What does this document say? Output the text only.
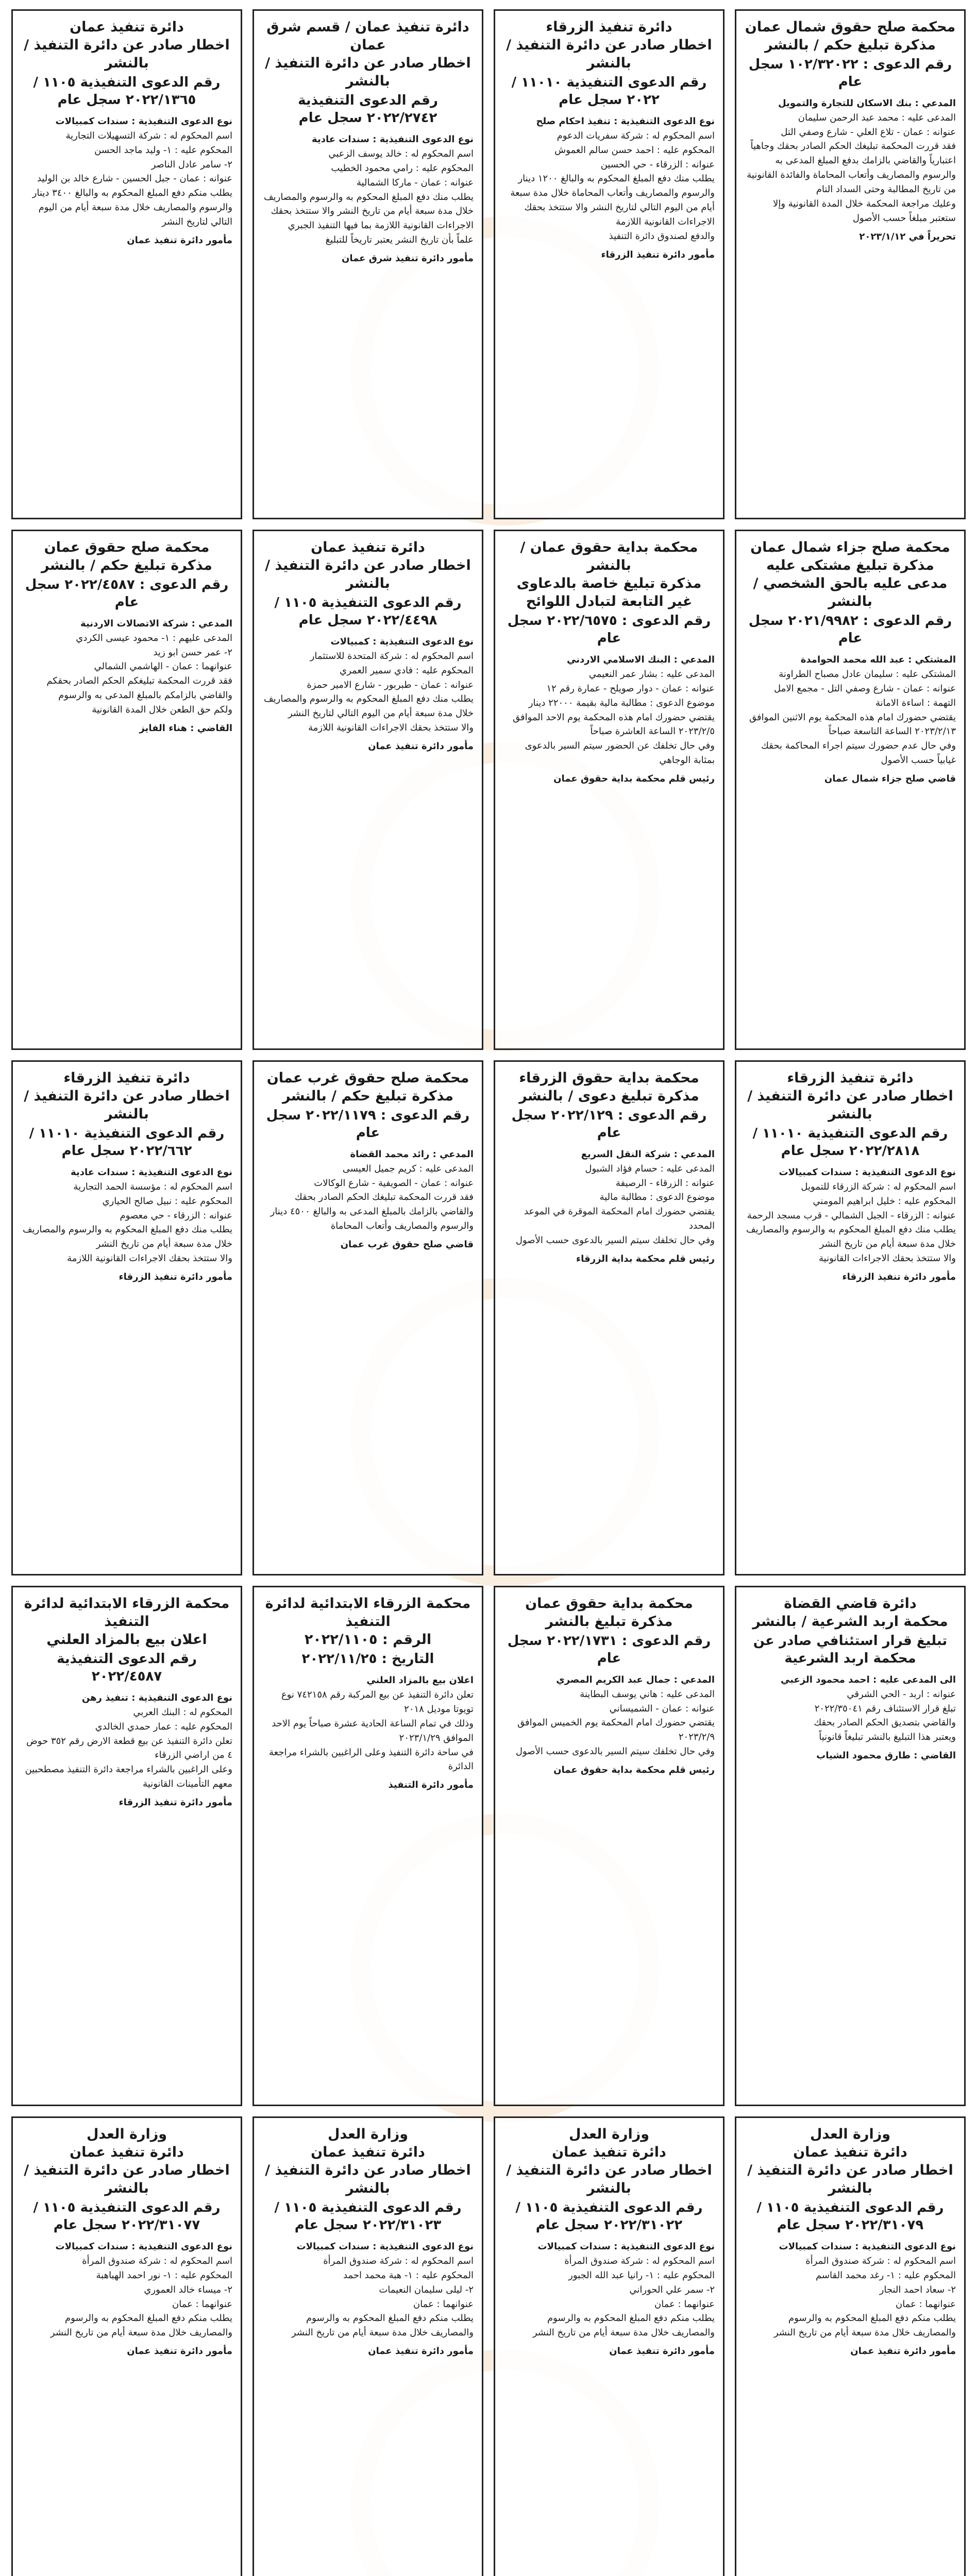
محكمة صلح حقوق شمال عمان
مذكرة تبليغ حكم / بالنشر
رقم الدعوى : ١٠٢/٣٢٠٢٢ سجل عام

المدعي : بنك الاسكان للتجارة والتمويل

المدعى عليه : محمد عبد الرحمن سليمان

عنوانه : عمان - تلاع العلي - شارع وصفي التل

فقد قررت المحكمة تبليغك الحكم الصادر بحقك وجاهياً اعتبارياً والقاضي بالزامك بدفع المبلغ المدعى به والرسوم والمصاريف وأتعاب المحاماة والفائدة القانونية من تاريخ المطالبة وحتى السداد التام

وعليك مراجعة المحكمة خلال المدة القانونية وإلا ستعتبر مبلغاً حسب الأصول

تحريراً في ٢٠٢٣/١/١٢
دائرة تنفيذ الزرقاء
اخطار صادر عن دائرة التنفيذ / بالنشر
رقم الدعوى التنفيذية ١١٠١٠ / ٢٠٢٢ سجل عام

نوع الدعوى التنفيذية : تنفيذ احكام صلح

اسم المحكوم له : شركة سفريات الدعوم

المحكوم عليه : احمد حسن سالم العموش

عنوانه : الزرقاء - حي الحسين

يطلب منك دفع المبلغ المحكوم به والبالغ ١٢٠٠ دينار والرسوم والمصاريف وأتعاب المحاماة خلال مدة سبعة أيام من اليوم التالي لتاريخ النشر والا ستتخذ بحقك الاجراءات القانونية اللازمة

والدفع لصندوق دائرة التنفيذ

مأمور دائرة تنفيذ الزرقاء
دائرة تنفيذ عمان / قسم شرق عمان
اخطار صادر عن دائرة التنفيذ / بالنشر
رقم الدعوى التنفيذية ٢٠٢٢/٢٧٤٢ سجل عام

نوع الدعوى التنفيذية : سندات عادية

اسم المحكوم له : خالد يوسف الزعبي

المحكوم عليه : رامي محمود الخطيب

عنوانه : عمان - ماركا الشمالية

يطلب منك دفع المبلغ المحكوم به والرسوم والمصاريف خلال مدة سبعة أيام من تاريخ النشر والا ستتخذ بحقك الاجراءات القانونية اللازمة بما فيها التنفيذ الجبري

علماً بأن تاريخ النشر يعتبر تاريخاً للتبليغ

مأمور دائرة تنفيذ شرق عمان
دائرة تنفيذ عمان
اخطار صادر عن دائرة التنفيذ / بالنشر
رقم الدعوى التنفيذية ١١٠٥ / ٢٠٢٢/١٣٦٥ سجل عام

نوع الدعوى التنفيذية : سندات كمبيالات

اسم المحكوم له : شركة التسهيلات التجارية

المحكوم عليه : ١- وليد ماجد الحسن

٢- سامر عادل الناصر

عنوانه : عمان - جبل الحسين - شارع خالد بن الوليد

يطلب منكم دفع المبلغ المحكوم به والبالغ ٣٤٠٠ دينار والرسوم والمصاريف خلال مدة سبعة أيام من اليوم التالي لتاريخ النشر

مأمور دائرة تنفيذ عمان
محكمة صلح جزاء شمال عمان
مذكرة تبليغ مشتكى عليه مدعى عليه بالحق الشخصي / بالنشر
رقم الدعوى : ٢٠٢١/٩٩٨٢ سجل عام

المشتكي : عبد الله محمد الحوامدة

المشتكى عليه : سليمان عادل مصباح الطراونة

عنوانه : عمان - شارع وصفي التل - مجمع الامل

التهمة : اساءة الامانة

يقتضي حضورك امام هذه المحكمة يوم الاثنين الموافق ٢٠٢٣/٢/١٣ الساعة التاسعة صباحاً

وفي حال عدم حضورك سيتم اجراء المحاكمة بحقك غيابياً حسب الأصول

قاضي صلح جزاء شمال عمان
محكمة بداية حقوق عمان / بالنشر
مذكرة تبليغ خاصة بالدعاوى غير التابعة لتبادل اللوائح
رقم الدعوى : ٢٠٢٢/٦٥٧٥ سجل عام

المدعي : البنك الاسلامي الاردني

المدعى عليه : بشار عمر النعيمي

عنوانه : عمان - دوار صويلح - عمارة رقم ١٢

موضوع الدعوى : مطالبة مالية بقيمة ٢٢٠٠٠ دينار

يقتضي حضورك امام هذه المحكمة يوم الاحد الموافق ٢٠٢٣/٢/٥ الساعة العاشرة صباحاً

وفي حال تخلفك عن الحضور سيتم السير بالدعوى بمثابة الوجاهي

رئيس قلم محكمة بداية حقوق عمان
دائرة تنفيذ عمان
اخطار صادر عن دائرة التنفيذ / بالنشر
رقم الدعوى التنفيذية ١١٠٥ / ٢٠٢٢/٤٤٩٨ سجل عام

نوع الدعوى التنفيذية : كمبيالات

اسم المحكوم له : شركة المتحدة للاستثمار

المحكوم عليه : فادي سمير العمري

عنوانه : عمان - طبربور - شارع الامير حمزة

يطلب منك دفع المبلغ المحكوم به والرسوم والمصاريف خلال مدة سبعة أيام من اليوم التالي لتاريخ النشر

والا ستتخذ بحقك الاجراءات القانونية اللازمة

مأمور دائرة تنفيذ عمان
محكمة صلح حقوق عمان
مذكرة تبليغ حكم / بالنشر
رقم الدعوى : ٢٠٢٢/٤٥٨٧ سجل عام

المدعي : شركة الاتصالات الاردنية

المدعى عليهم : ١- محمود عيسى الكردي

٢- عمر حسن ابو زيد

عنوانهما : عمان - الهاشمي الشمالي

فقد قررت المحكمة تبليغكم الحكم الصادر بحقكم والقاضي بالزامكم بالمبلغ المدعى به والرسوم

ولكم حق الطعن خلال المدة القانونية

القاضي : هناء الفايز
دائرة تنفيذ الزرقاء
اخطار صادر عن دائرة التنفيذ / بالنشر
رقم الدعوى التنفيذية ١١٠١٠ / ٢٠٢٢/٢٨١٨ سجل عام

نوع الدعوى التنفيذية : سندات كمبيالات

اسم المحكوم له : شركة الزرقاء للتمويل

المحكوم عليه : خليل ابراهيم المومني

عنوانه : الزرقاء - الجبل الشمالي - قرب مسجد الرحمة

يطلب منك دفع المبلغ المحكوم به والرسوم والمصاريف خلال مدة سبعة أيام من تاريخ النشر

والا ستتخذ بحقك الاجراءات القانونية

مأمور دائرة تنفيذ الزرقاء
محكمة بداية حقوق الزرقاء
مذكرة تبليغ دعوى / بالنشر
رقم الدعوى : ٢٠٢٢/١٢٩ سجل عام

المدعي : شركة النقل السريع

المدعى عليه : حسام فؤاد الشبول

عنوانه : الزرقاء - الرصيفة

موضوع الدعوى : مطالبة مالية

يقتضي حضورك امام المحكمة الموقرة في الموعد المحدد

وفي حال تخلفك سيتم السير بالدعوى حسب الأصول

رئيس قلم محكمة بداية الزرقاء
محكمة صلح حقوق غرب عمان
مذكرة تبليغ حكم / بالنشر
رقم الدعوى : ٢٠٢٢/١١٧٩ سجل عام

المدعي : رائد محمد القضاة

المدعى عليه : كريم جميل العيسى

عنوانه : عمان - الصويفية - شارع الوكالات

فقد قررت المحكمة تبليغك الحكم الصادر بحقك والقاضي بالزامك بالمبلغ المدعى به والبالغ ٤٥٠٠ دينار

والرسوم والمصاريف وأتعاب المحاماة

قاضي صلح حقوق غرب عمان
دائرة تنفيذ الزرقاء
اخطار صادر عن دائرة التنفيذ / بالنشر
رقم الدعوى التنفيذية ١١٠١٠ / ٢٠٢٢/٦٦٢ سجل عام

نوع الدعوى التنفيذية : سندات عادية

اسم المحكوم له : مؤسسة الحمد التجارية

المحكوم عليه : نبيل صالح الحياري

عنوانه : الزرقاء - حي معصوم

يطلب منك دفع المبلغ المحكوم به والرسوم والمصاريف خلال مدة سبعة أيام من تاريخ النشر

والا ستتخذ بحقك الاجراءات القانونية اللازمة

مأمور دائرة تنفيذ الزرقاء
دائرة قاضي القضاة
محكمة اربد الشرعية / بالنشر
تبليغ قرار استئنافي صادر عن محكمة اربد الشرعية

الى المدعى عليه : احمد محمود الزعبي

عنوانه : اربد - الحي الشرقي

تبلغ قرار الاستئناف رقم ٢٠٢٢/٣٥٠٤١

والقاضي بتصديق الحكم الصادر بحقك

ويعتبر هذا التبليغ بالنشر تبليغاً قانونياً

القاضي : طارق محمود الشياب
محكمة بداية حقوق عمان
مذكرة تبليغ بالنشر
رقم الدعوى : ٢٠٢٢/١٧٣١ سجل عام

المدعي : جمال عبد الكريم المصري

المدعى عليه : هاني يوسف البطاينة

عنوانه : عمان - الشميساني

يقتضي حضورك امام المحكمة يوم الخميس الموافق ٢٠٢٣/٢/٩

وفي حال تخلفك سيتم السير بالدعوى حسب الأصول

رئيس قلم محكمة بداية حقوق عمان
محكمة الزرقاء الابتدائية لدائرة التنفيذ
الرقم : ٢٠٢٢/١١٠٥
التاريخ : ٢٠٢٢/١١/٢٥

اعلان بيع بالمزاد العلني

تعلن دائرة التنفيذ عن بيع المركبة رقم ٧٤٢١٥٨ نوع تويوتا موديل ٢٠١٨

وذلك في تمام الساعة الحادية عشرة صباحاً يوم الاحد الموافق ٢٠٢٣/١/٢٩

في ساحة دائرة التنفيذ وعلى الراغبين بالشراء مراجعة الدائرة

مأمور دائرة التنفيذ
محكمة الزرقاء الابتدائية لدائرة التنفيذ
اعلان بيع بالمزاد العلني
رقم الدعوى التنفيذية ٢٠٢٢/٤٥٨٧

نوع الدعوى التنفيذية : تنفيذ رهن

المحكوم له : البنك العربي

المحكوم عليه : عمار حمدي الخالدي

تعلن دائرة التنفيذ عن بيع قطعة الارض رقم ٣٥٢ حوض ٤ من اراضي الزرقاء

وعلى الراغبين بالشراء مراجعة دائرة التنفيذ مصطحبين معهم التأمينات القانونية

مأمور دائرة تنفيذ الزرقاء
وزارة العدل
دائرة تنفيذ عمان
اخطار صادر عن دائرة التنفيذ / بالنشر
رقم الدعوى التنفيذية ١١٠٥ / ٢٠٢٢/٣١٠٧٩ سجل عام

نوع الدعوى التنفيذية : سندات كمبيالات

اسم المحكوم له : شركة صندوق المرأة

المحكوم عليه : ١- رغد محمد القاسم

٢- سعاد احمد النجار

عنوانهما : عمان

يطلب منكم دفع المبلغ المحكوم به والرسوم والمصاريف خلال مدة سبعة أيام من تاريخ النشر

مأمور دائرة تنفيذ عمان
وزارة العدل
دائرة تنفيذ عمان
اخطار صادر عن دائرة التنفيذ / بالنشر
رقم الدعوى التنفيذية ١١٠٥ / ٢٠٢٢/٣١٠٢٢ سجل عام

نوع الدعوى التنفيذية : سندات كمبيالات

اسم المحكوم له : شركة صندوق المرأة

المحكوم عليه : ١- رانيا عبد الله الجبور

٢- سمر علي الحوراني

عنوانهما : عمان

يطلب منكم دفع المبلغ المحكوم به والرسوم والمصاريف خلال مدة سبعة أيام من تاريخ النشر

مأمور دائرة تنفيذ عمان
وزارة العدل
دائرة تنفيذ عمان
اخطار صادر عن دائرة التنفيذ / بالنشر
رقم الدعوى التنفيذية ١١٠٥ / ٢٠٢٢/٣١٠٢٣ سجل عام

نوع الدعوى التنفيذية : سندات كمبيالات

اسم المحكوم له : شركة صندوق المرأة

المحكوم عليه : ١- هبة محمد احمد

٢- ليلى سليمان النعيمات

عنوانهما : عمان

يطلب منكم دفع المبلغ المحكوم به والرسوم والمصاريف خلال مدة سبعة أيام من تاريخ النشر

مأمور دائرة تنفيذ عمان
وزارة العدل
دائرة تنفيذ عمان
اخطار صادر عن دائرة التنفيذ / بالنشر
رقم الدعوى التنفيذية ١١٠٥ / ٢٠٢٢/٣١٠٧٧ سجل عام

نوع الدعوى التنفيذية : سندات كمبيالات

اسم المحكوم له : شركة صندوق المرأة

المحكوم عليه : ١- نور احمد الهباهبة

٢- ميساء خالد العموري

عنوانهما : عمان

يطلب منكم دفع المبلغ المحكوم به والرسوم والمصاريف خلال مدة سبعة أيام من تاريخ النشر

مأمور دائرة تنفيذ عمان
